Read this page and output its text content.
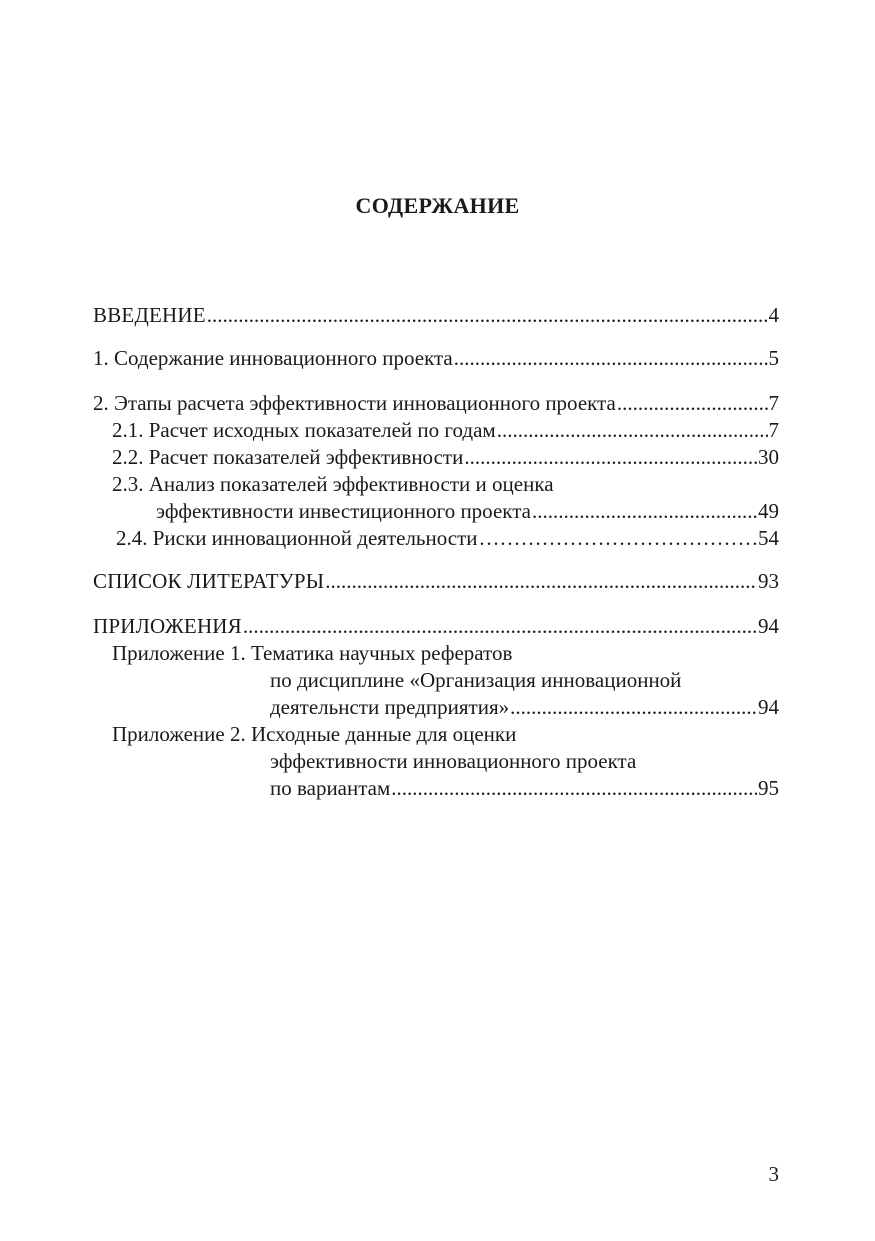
СОДЕРЖАНИЕ
ВВЕДЕНИЕ .....	4
1. Содержание инновационного проекта .....	5
2. Этапы расчета эффективности инновационного проекта .....	7
2.1. Расчет исходных показателей по годам .....	7
2.2. Расчет показателей эффективности .....	30
2.3. Анализ показателей эффективности и оценка
эффективности инвестиционного проекта .....	49
2.4. Риски инновационной деятельности …………………………………………………………………………………………………………………………………………………………………………	54
СПИСОК ЛИТЕРАТУРЫ .....	93
ПРИЛОЖЕНИЯ .....	94
Приложение 1. Тематика научных рефератов
по дисциплине «Организация инновационной
деятельнсти предприятия» .....	94
Приложение 2. Исходные данные для оценки
эффективности инновационного проекта
по вариантам .....	95
3
